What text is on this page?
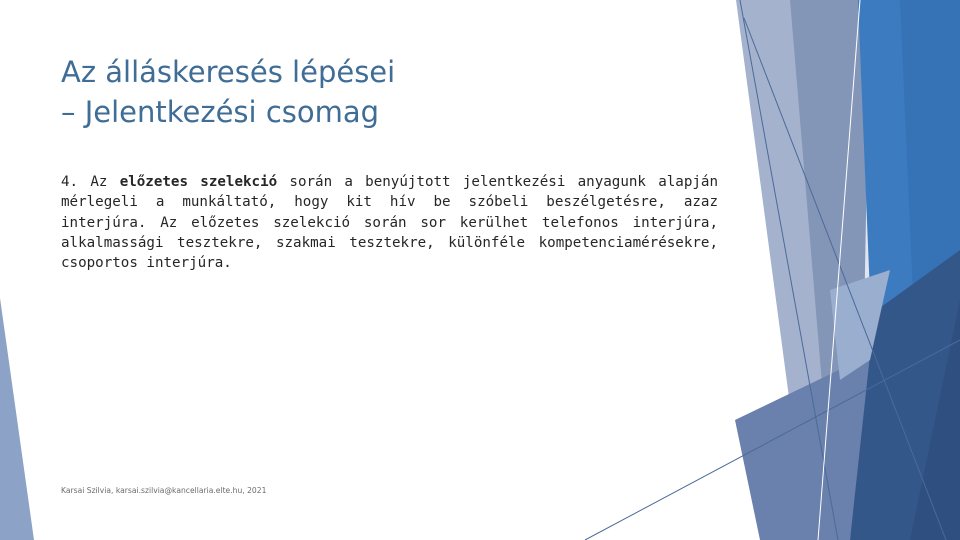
Az álláskeresés lépései
– Jelentkezési csomag

4. Az előzetes szelekció során a benyújtott jelentkezési anyagunk alapján mérlegeli a munkáltató, hogy kit hív be szóbeli beszélgetésre, azaz interjúra. Az előzetes szelekció során sor kerülhet telefonos interjúra, alkalmassági tesztekre, szakmai tesztekre, különféle kompetenciamérésekre, csoportos interjúra.

Karsai Szilvia, karsai.szilvia@kancellaria.elte.hu, 2021
